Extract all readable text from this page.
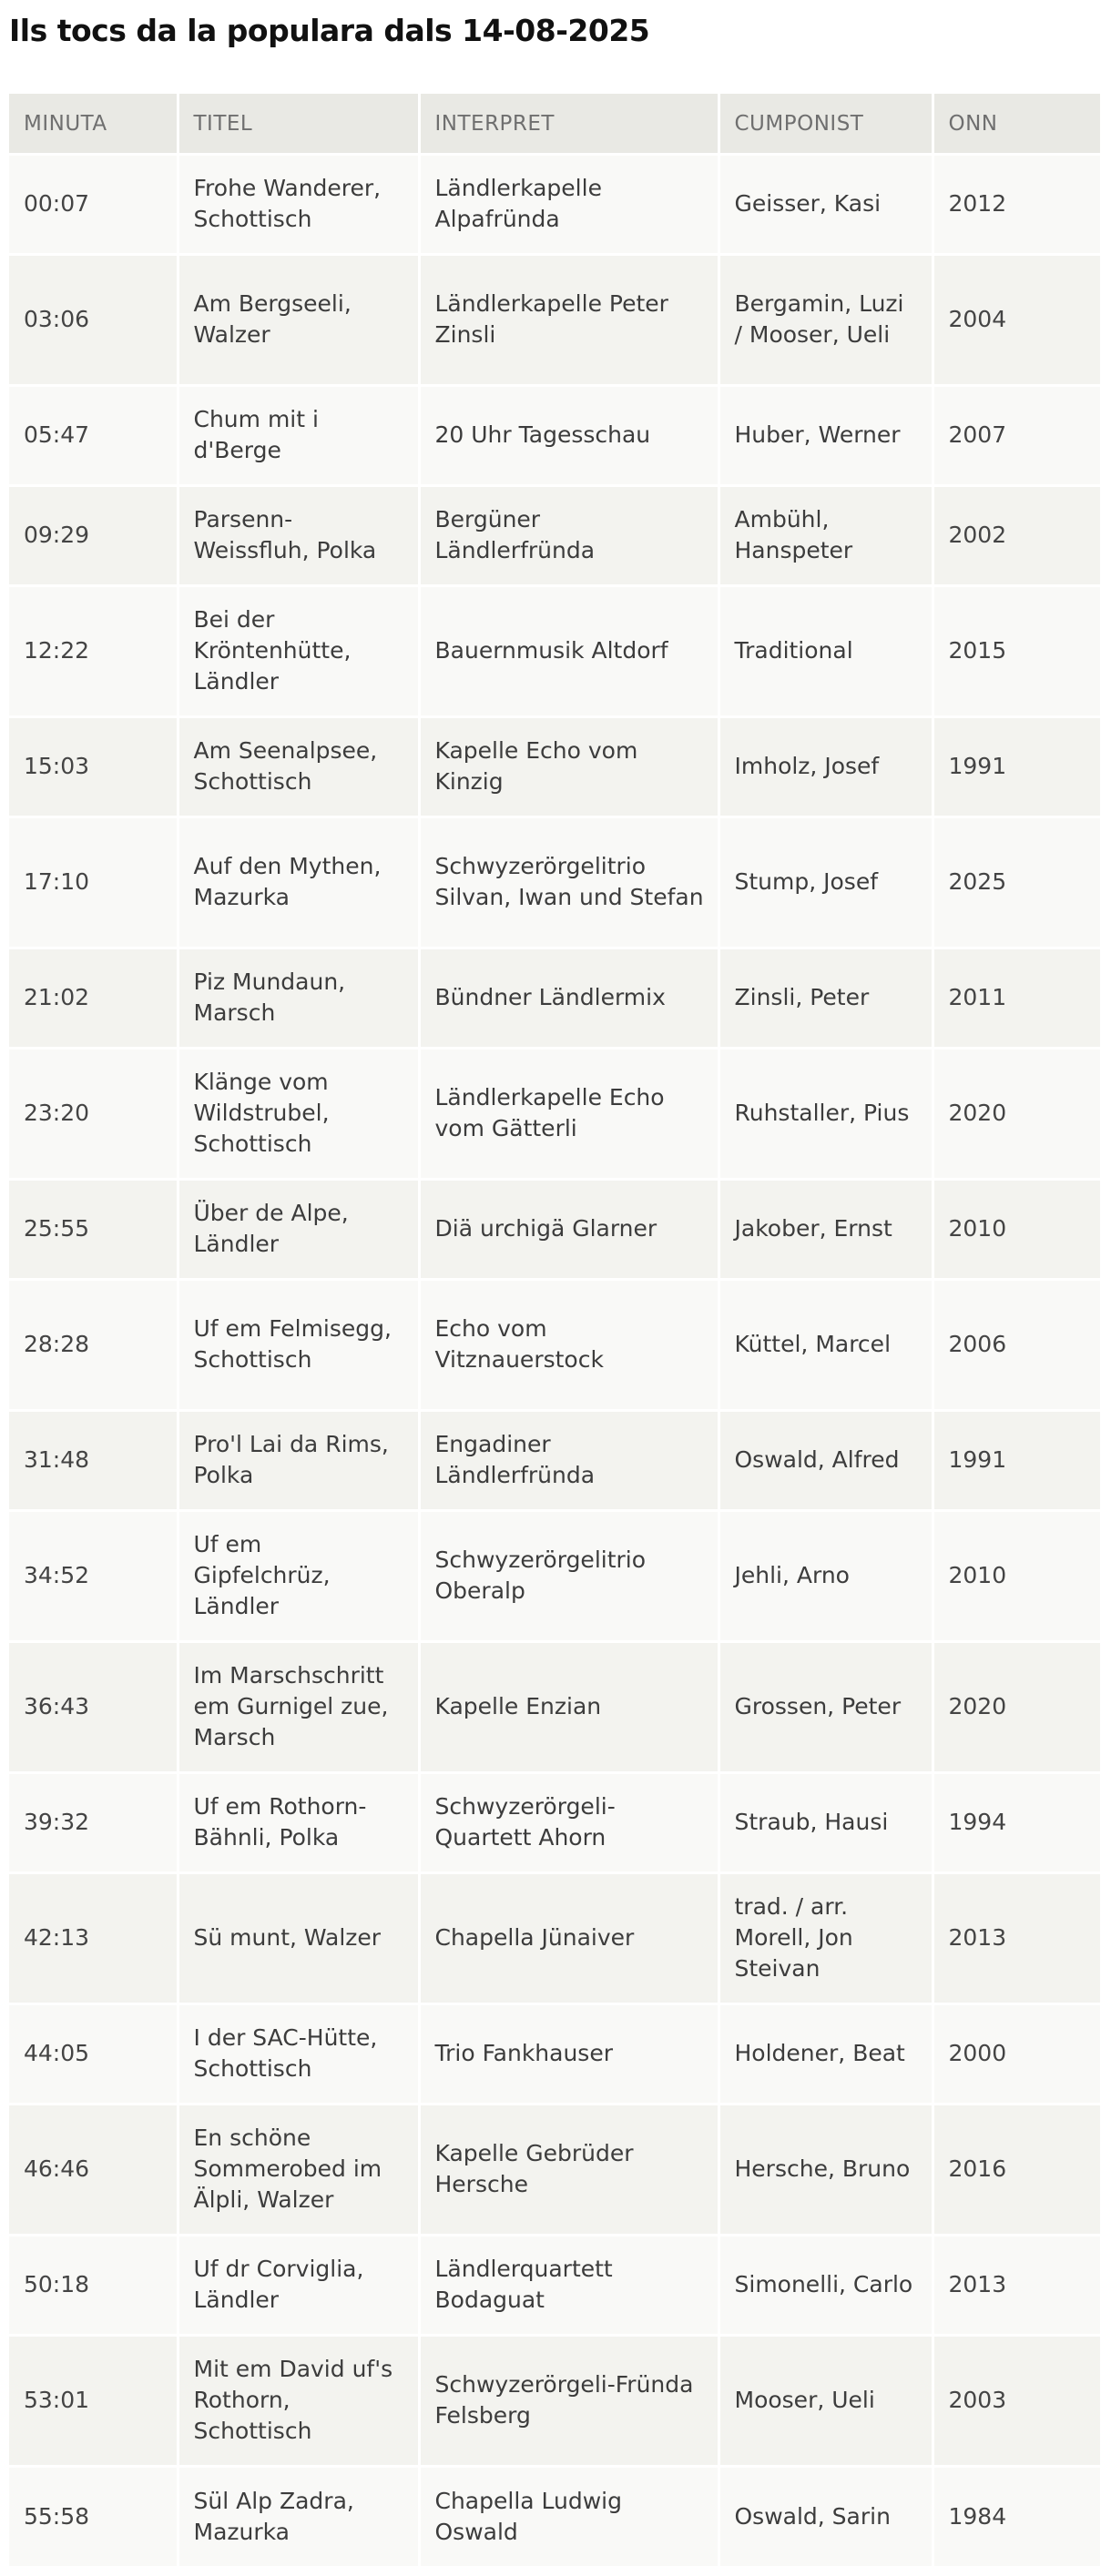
Ils tocs da la populara dals 14-08-2025
MINUTA	TITEL	INTERPRET	CUMPONIST	ONN
00:07	Frohe Wanderer, Schottisch	Ländlerkapelle Alpafründa	Geisser, Kasi	2012
03:06	Am Bergseeli, Walzer	Ländlerkapelle Peter Zinsli	Bergamin, Luzi / Mooser, Ueli	2004
05:47	Chum mit i d'Berge	20 Uhr Tagesschau	Huber, Werner	2007
09:29	Parsenn-Weissfluh, Polka	Bergüner Ländlerfründa	Ambühl, Hanspeter	2002
12:22	Bei der Kröntenhütte, Ländler	Bauernmusik Altdorf	Traditional	2015
15:03	Am Seenalpsee, Schottisch	Kapelle Echo vom Kinzig	Imholz, Josef	1991
17:10	Auf den Mythen, Mazurka	Schwyzerörgelitrio Silvan, Iwan und Stefan	Stump, Josef	2025
21:02	Piz Mundaun, Marsch	Bündner Ländlermix	Zinsli, Peter	2011
23:20	Klänge vom Wildstrubel, Schottisch	Ländlerkapelle Echo vom Gätterli	Ruhstaller, Pius	2020
25:55	Über de Alpe, Ländler	Diä urchigä Glarner	Jakober, Ernst	2010
28:28	Uf em Felmisegg, Schottisch	Echo vom Vitznauerstock	Küttel, Marcel	2006
31:48	Pro'l Lai da Rims, Polka	Engadiner Ländlerfründa	Oswald, Alfred	1991
34:52	Uf em Gipfelchrüz, Ländler	Schwyzerörgelitrio Oberalp	Jehli, Arno	2010
36:43	Im Marschschritt em Gurnigel zue, Marsch	Kapelle Enzian	Grossen, Peter	2020
39:32	Uf em Rothorn-Bähnli, Polka	Schwyzerörgeli-Quartett Ahorn	Straub, Hausi	1994
42:13	Sü munt, Walzer	Chapella Jünaiver	trad. / arr. Morell, Jon Steivan	2013
44:05	I der SAC-Hütte, Schottisch	Trio Fankhauser	Holdener, Beat	2000
46:46	En schöne Sommerobed im Älpli, Walzer	Kapelle Gebrüder Hersche	Hersche, Bruno	2016
50:18	Uf dr Corviglia, Ländler	Ländlerquartett Bodaguat	Simonelli, Carlo	2013
53:01	Mit em David uf's Rothorn, Schottisch	Schwyzerörgeli-Fründa Felsberg	Mooser, Ueli	2003
55:58	Sül Alp Zadra, Mazurka	Chapella Ludwig Oswald	Oswald, Sarin	1984
